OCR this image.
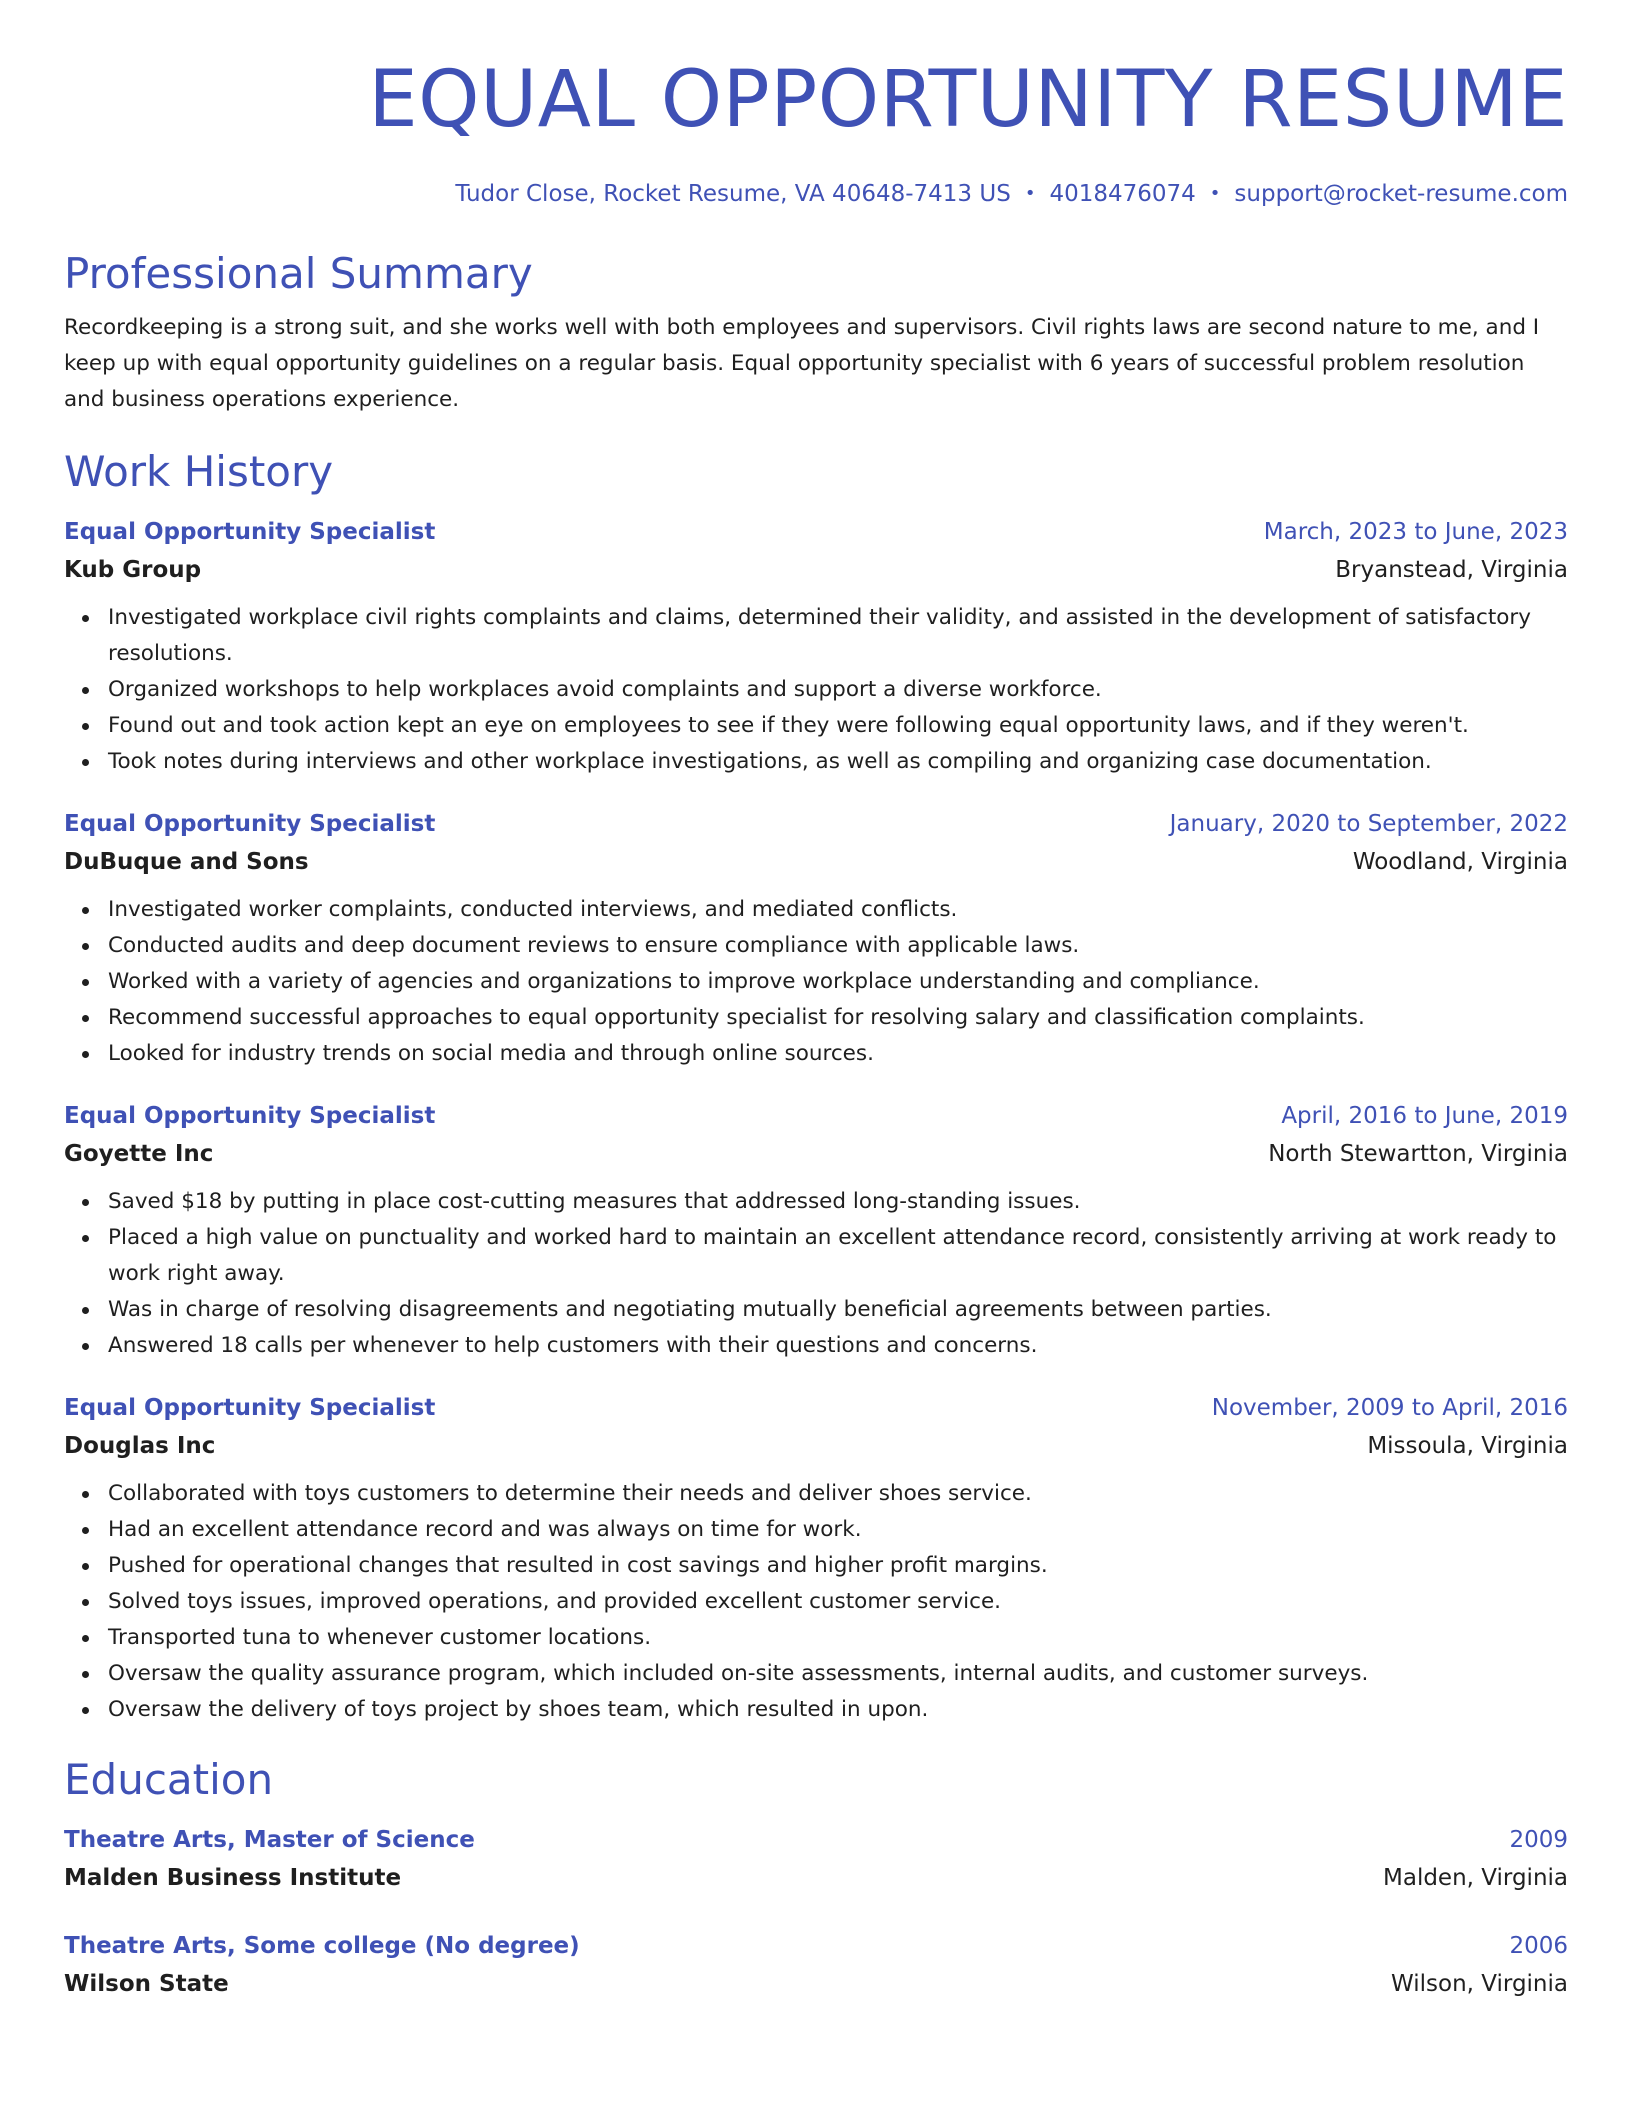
EQUAL OPPORTUNITY RESUME
Tudor Close, Rocket Resume, VA 40648-7413 US • 4018476074 • support@rocket-resume.com
Professional Summary
Recordkeeping is a strong suit, and she works well with both employees and supervisors. Civil rights laws are second nature to me, and I keep up with equal opportunity guidelines on a regular basis. Equal opportunity specialist with 6 years of successful problem resolution and business operations experience.
Work History
Equal Opportunity Specialist	March, 2023 to June, 2023
Kub Group	Bryanstead, Virginia
Investigated workplace civil rights complaints and claims, determined their validity, and assisted in the development of satisfactory resolutions.
Organized workshops to help workplaces avoid complaints and support a diverse workforce.
Found out and took action kept an eye on employees to see if they were following equal opportunity laws, and if they weren't.
Took notes during interviews and other workplace investigations, as well as compiling and organizing case documentation.
Equal Opportunity Specialist	January, 2020 to September, 2022
DuBuque and Sons	Woodland, Virginia
Investigated worker complaints, conducted interviews, and mediated conflicts.
Conducted audits and deep document reviews to ensure compliance with applicable laws.
Worked with a variety of agencies and organizations to improve workplace understanding and compliance.
Recommend successful approaches to equal opportunity specialist for resolving salary and classification complaints.
Looked for industry trends on social media and through online sources.
Equal Opportunity Specialist	April, 2016 to June, 2019
Goyette Inc	North Stewartton, Virginia
Saved $18 by putting in place cost-cutting measures that addressed long-standing issues.
Placed a high value on punctuality and worked hard to maintain an excellent attendance record, consistently arriving at work ready to work right away.
Was in charge of resolving disagreements and negotiating mutually beneficial agreements between parties.
Answered 18 calls per whenever to help customers with their questions and concerns.
Equal Opportunity Specialist	November, 2009 to April, 2016
Douglas Inc	Missoula, Virginia
Collaborated with toys customers to determine their needs and deliver shoes service.
Had an excellent attendance record and was always on time for work.
Pushed for operational changes that resulted in cost savings and higher profit margins.
Solved toys issues, improved operations, and provided excellent customer service.
Transported tuna to whenever customer locations.
Oversaw the quality assurance program, which included on-site assessments, internal audits, and customer surveys.
Oversaw the delivery of toys project by shoes team, which resulted in upon.
Education
Theatre Arts, Master of Science	2009
Malden Business Institute	Malden, Virginia
Theatre Arts, Some college (No degree)	2006
Wilson State	Wilson, Virginia
